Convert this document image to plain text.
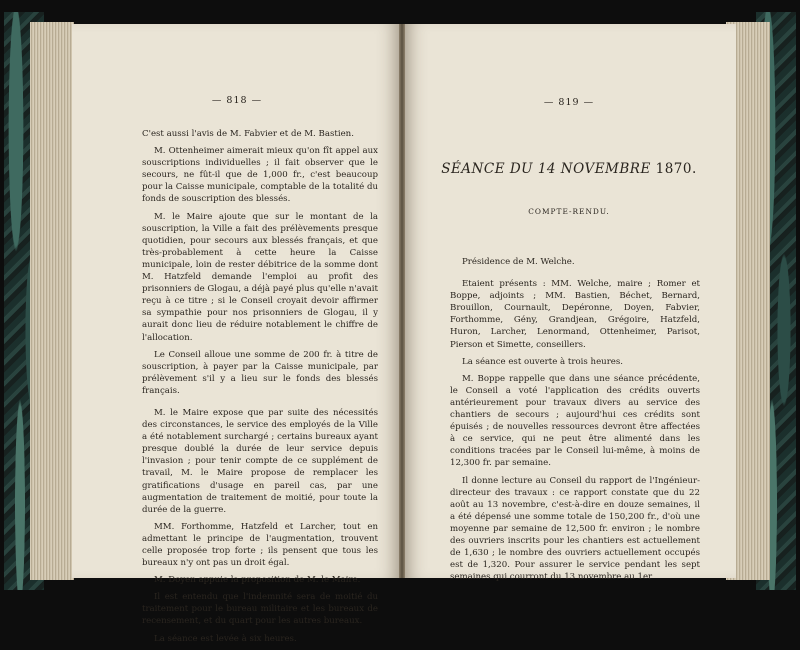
— 818 —

C'est aussi l'avis de M. Fabvier et de M. Bastien.

M. Ottenheimer aimerait mieux qu'on fît appel aux souscriptions individuelles ; il fait observer que le secours, ne fût-il que de 1,000 fr., c'est beaucoup pour la Caisse municipale, comptable de la totalité du fonds de souscription des blessés.

M. le Maire ajoute que sur le montant de la souscription, la Ville a fait des prélèvements presque quotidien, pour secours aux blessés français, et que très-probablement à cette heure la Caisse municipale, loin de rester débitrice de la somme dont M. Hatzfeld demande l'emploi au profit des prisonniers de Glogau, a déjà payé plus qu'elle n'avait reçu à ce titre ; si le Conseil croyait devoir affirmer sa sympathie pour nos prisonniers de Glogau, il y aurait donc lieu de réduire notablement le chiffre de l'allocation.

Le Conseil alloue une somme de 200 fr. à titre de souscription, à payer par la Caisse municipale, par prélèvement s'il y a lieu sur le fonds des blessés français.

M. le Maire expose que par suite des nécessités des circonstances, le service des employés de la Ville a été notablement surchargé ; certains bureaux ayant presque doublé la durée de leur service depuis l'invasion ; pour tenir compte de ce supplément de travail, M. le Maire propose de remplacer les gratifications d'usage en pareil cas, par une augmentation de traitement de moitié, pour toute la durée de la guerre.

MM. Forthomme, Hatzfeld et Larcher, tout en admettant le principe de l'augmentation, trouvent celle proposée trop forte ; ils pensent que tous les bureaux n'y ont pas un droit égal.

M. Doyen appuie la proposition de M. le Maire.

Il est entendu que l'indemnité sera de moitié du traitement pour le bureau militaire et les bureaux de recensement, et du quart pour les autres bureaux.

La séance est levée à six heures.

— 819 —
SÉANCE DU 14 NOVEMBRE 1870.
COMPTE-RENDU.

Présidence de M. Welche.

Etaient présents : MM. Welche, maire ; Romer et Boppe, adjoints ; MM. Bastien, Béchet, Bernard, Brouillon, Cournault, Depéronne, Doyen, Fabvier, Forthomme, Gény, Grandjean, Grégoire, Hatzfeld, Huron, Larcher, Lenormand, Ottenheimer, Parisot, Pierson et Simette, conseillers.

La séance est ouverte à trois heures.

M. Boppe rappelle que dans une séance précédente, le Conseil a voté l'application des crédits ouverts antérieurement pour travaux divers au service des chantiers de secours ; aujourd'hui ces crédits sont épuisés ; de nouvelles ressources devront être affectées à ce service, qui ne peut être alimenté dans les conditions tracées par le Conseil lui-même, à moins de 12,300 fr. par semaine.

Il donne lecture au Conseil du rapport de l'Ingénieur-directeur des travaux : ce rapport constate que du 22 août au 13 novembre, c'est-à-dire en douze semaines, il a été dépensé une somme totale de 150,200 fr., d'où une moyenne par semaine de 12,500 fr. environ ; le nombre des ouvriers inscrits pour les chantiers est actuellement de 1,630 ; le nombre des ouvriers actuellement occupés est de 1,320. Pour assurer le service pendant les sept semaines qui courront du 13 novembre au 1er
